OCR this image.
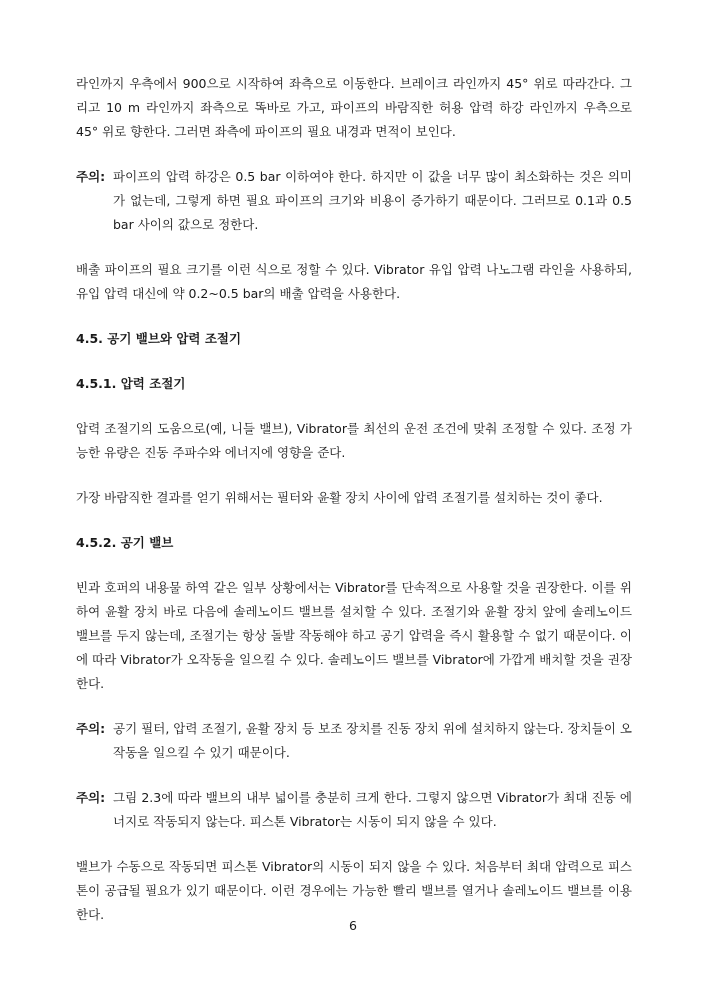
라인까지 우측에서 900으로 시작하여 좌측으로 이동한다. 브레이크 라인까지 45° 위로 따라간다. 그리고 10 m 라인까지 좌측으로 똑바로 가고, 파이프의 바람직한 허용 압력 하강 라인까지 우측으로 45° 위로 향한다. 그러면 좌측에 파이프의 필요 내경과 면적이 보인다.

주의: 파이프의 압력 하강은 0.5 bar 이하여야 한다. 하지만 이 값을 너무 많이 최소화하는 것은 의미가 없는데, 그렇게 하면 필요 파이프의 크기와 비용이 증가하기 때문이다. 그러므로 0.1과 0.5 bar 사이의 값으로 정한다.

배출 파이프의 필요 크기를 이런 식으로 정할 수 있다. Vibrator 유입 압력 나노그램 라인을 사용하되, 유입 압력 대신에 약 0.2~0.5 bar의 배출 압력을 사용한다.

4.5. 공기 밸브와 압력 조절기

4.5.1. 압력 조절기

압력 조절기의 도움으로(예, 니들 밸브), Vibrator를 최선의 운전 조건에 맞춰 조정할 수 있다. 조정 가능한 유량은 진동 주파수와 에너지에 영향을 준다.

가장 바람직한 결과를 얻기 위해서는 필터와 윤활 장치 사이에 압력 조절기를 설치하는 것이 좋다.

4.5.2. 공기 밸브

빈과 호퍼의 내용물 하역 같은 일부 상황에서는 Vibrator를 단속적으로 사용할 것을 권장한다. 이를 위하여 윤활 장치 바로 다음에 솔레노이드 밸브를 설치할 수 있다. 조절기와 윤활 장치 앞에 솔레노이드 밸브를 두지 않는데, 조절기는 항상 돌발 작동해야 하고 공기 압력을 즉시 활용할 수 없기 때문이다. 이에 따라 Vibrator가 오작동을 일으킬 수 있다. 솔레노이드 밸브를 Vibrator에 가깝게 배치할 것을 권장한다.

주의: 공기 필터, 압력 조절기, 윤활 장치 등 보조 장치를 진동 장치 위에 설치하지 않는다. 장치들이 오작동을 일으킬 수 있기 때문이다.
주의: 그림 2.3에 따라 밸브의 내부 넓이를 충분히 크게 한다. 그렇지 않으면 Vibrator가 최대 진동 에너지로 작동되지 않는다. 피스톤 Vibrator는 시동이 되지 않을 수 있다.

밸브가 수동으로 작동되면 피스톤 Vibrator의 시동이 되지 않을 수 있다. 처음부터 최대 압력으로 피스톤이 공급될 필요가 있기 때문이다. 이런 경우에는 가능한 빨리 밸브를 열거나 솔레노이드 밸브를 이용한다.

6
